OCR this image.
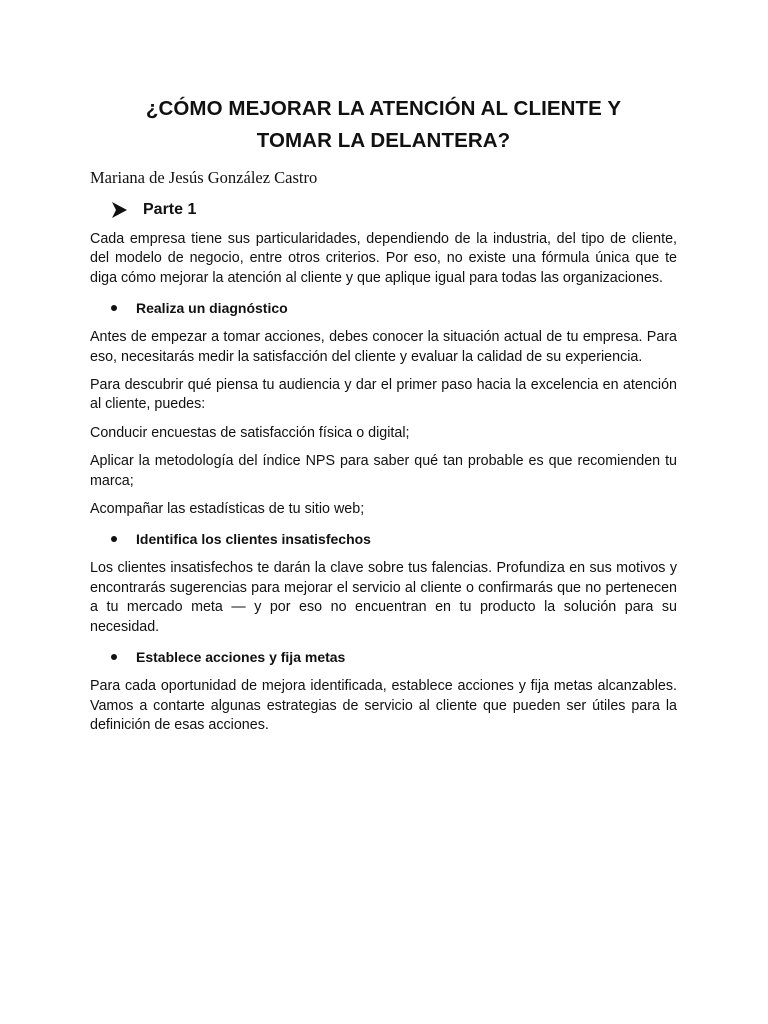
¿CÓMO MEJORAR LA ATENCIÓN AL CLIENTE Y
TOMAR LA DELANTERA?
Mariana de Jesús González Castro
Parte 1

Cada empresa tiene sus particularidades, dependiendo de la industria, del tipo de cliente, del modelo de negocio, entre otros criterios. Por eso, no existe una fórmula única que te diga cómo mejorar la atención al cliente y que aplique igual para todas las organizaciones.

Realiza un diagnóstico

Antes de empezar a tomar acciones, debes conocer la situación actual de tu empresa. Para eso, necesitarás medir la satisfacción del cliente y evaluar la calidad de su experiencia.

Para descubrir qué piensa tu audiencia y dar el primer paso hacia la excelencia en atención al cliente, puedes:

Conducir encuestas de satisfacción física o digital;

Aplicar la metodología del índice NPS para saber qué tan probable es que recomienden tu marca;

Acompañar las estadísticas de tu sitio web;

Identifica los clientes insatisfechos

Los clientes insatisfechos te darán la clave sobre tus falencias. Profundiza en sus motivos y encontrarás sugerencias para mejorar el servicio al cliente o confirmarás que no pertenecen a tu mercado meta — y por eso no encuentran en tu producto la solución para su necesidad.

Establece acciones y fija metas

Para cada oportunidad de mejora identificada, establece acciones y fija metas alcanzables. Vamos a contarte algunas estrategias de servicio al cliente que pueden ser útiles para la definición de esas acciones.
